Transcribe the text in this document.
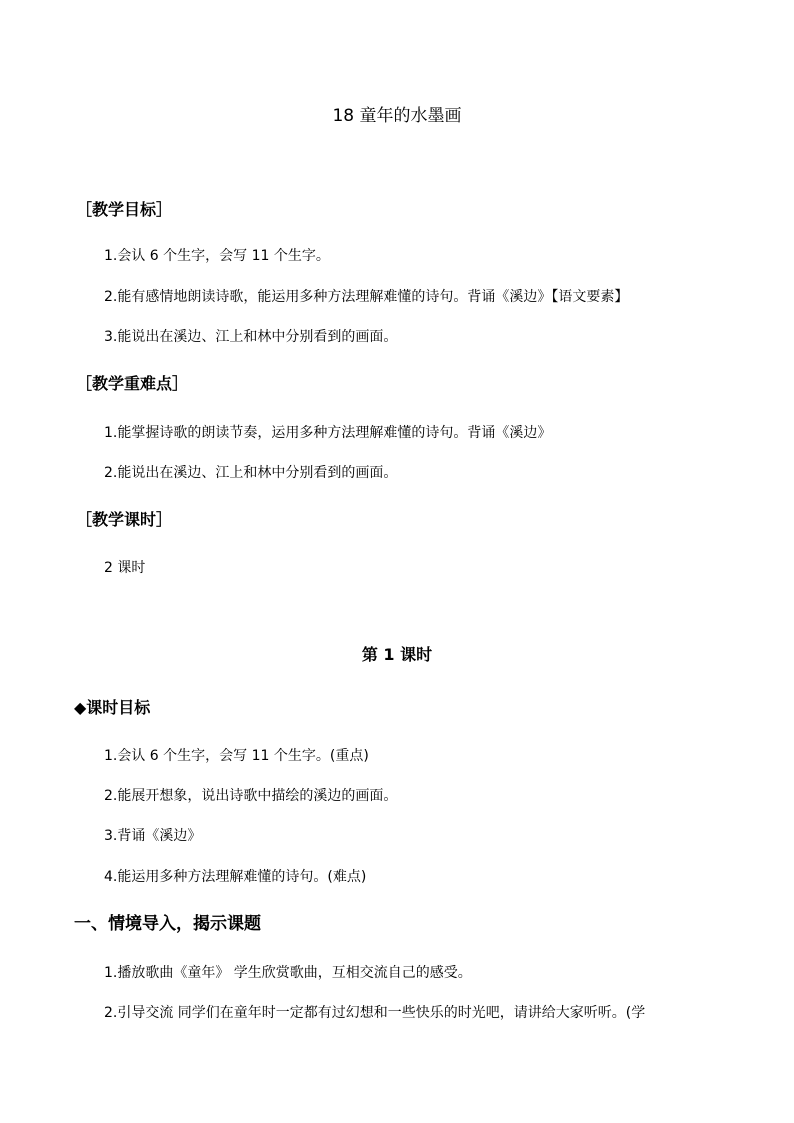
18 童年的水墨画
［教学目标］
1.会认 6 个生字，会写 11 个生字。
2.能有感情地朗读诗歌，能运用多种方法理解难懂的诗句。背诵《溪边》【语文要素】
3.能说出在溪边、江上和林中分别看到的画面。
［教学重难点］
1.能掌握诗歌的朗读节奏，运用多种方法理解难懂的诗句。背诵《溪边》
2.能说出在溪边、江上和林中分别看到的画面。
［教学课时］
2 课时
第 1 课时
◆课时目标
1.会认 6 个生字，会写 11 个生字。(重点)
2.能展开想象，说出诗歌中描绘的溪边的画面。
3.背诵《溪边》
4.能运用多种方法理解难懂的诗句。(难点)
一、情境导入，揭示课题
1.播放歌曲《童年》 学生欣赏歌曲，互相交流自己的感受。
2.引导交流 同学们在童年时一定都有过幻想和一些快乐的时光吧，请讲给大家听听。(学
